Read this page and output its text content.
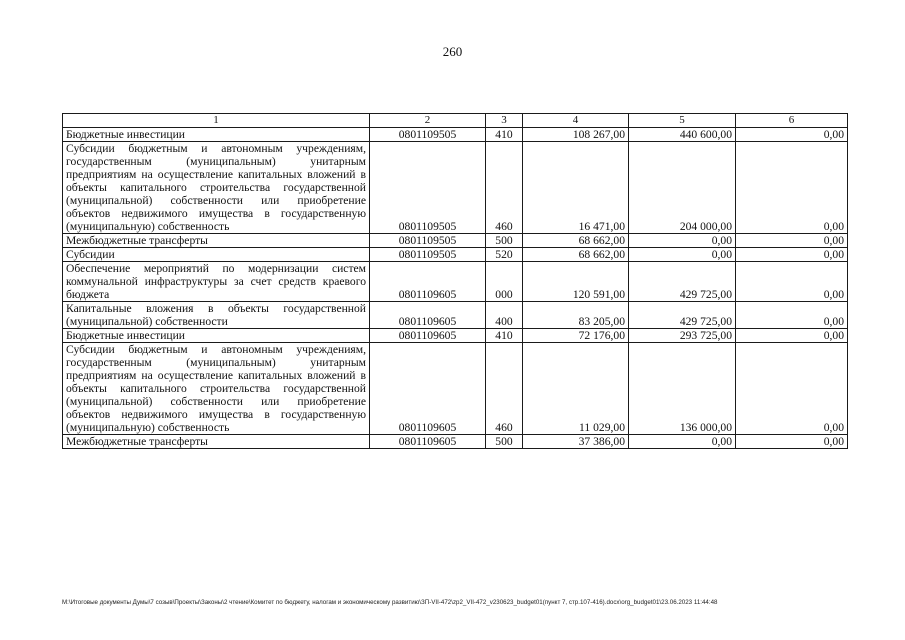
260
1	2	3	4	5	6
Бюджетные инвестиции	0801109505	410	108 267,00	440 600,00	0,00
Субсидии бюджетным и автономным учреждениям, государственным (муниципальным) унитарным предприятиям на осуществление капитальных вложений в объекты капитального строительства государственной (муниципальной) собственности или приобретение объектов недвижимого имущества в государственную (муниципальную) собственность	0801109505	460	16 471,00	204 000,00	0,00
Межбюджетные трансферты	0801109505	500	68 662,00	0,00	0,00
Субсидии	0801109505	520	68 662,00	0,00	0,00
Обеспечение мероприятий по модернизации систем коммунальной инфраструктуры за счет средств краевого бюджета	0801109605	000	120 591,00	429 725,00	0,00
Капитальные вложения в объекты государственной (муниципальной) собственности	0801109605	400	83 205,00	429 725,00	0,00
Бюджетные инвестиции	0801109605	410	72 176,00	293 725,00	0,00
Субсидии бюджетным и автономным учреждениям, государственным (муниципальным) унитарным предприятиям на осуществление капитальных вложений в объекты капитального строительства государственной (муниципальной) собственности или приобретение объектов недвижимого имущества в государственную (муниципальную) собственность	0801109605	460	11 029,00	136 000,00	0,00
Межбюджетные трансферты	0801109605	500	37 386,00	0,00	0,00
M:\Итоговые документы Думы\7 созыв\Проекты\Законы\2 чтение\Комитет по бюджету, налогам и экономическому развитию\ЗП-VII-472\zp2_VII-472_v230623_budget01(пункт 7, стр.107-416).docx\org_budget01\23.06.2023 11:44:48
